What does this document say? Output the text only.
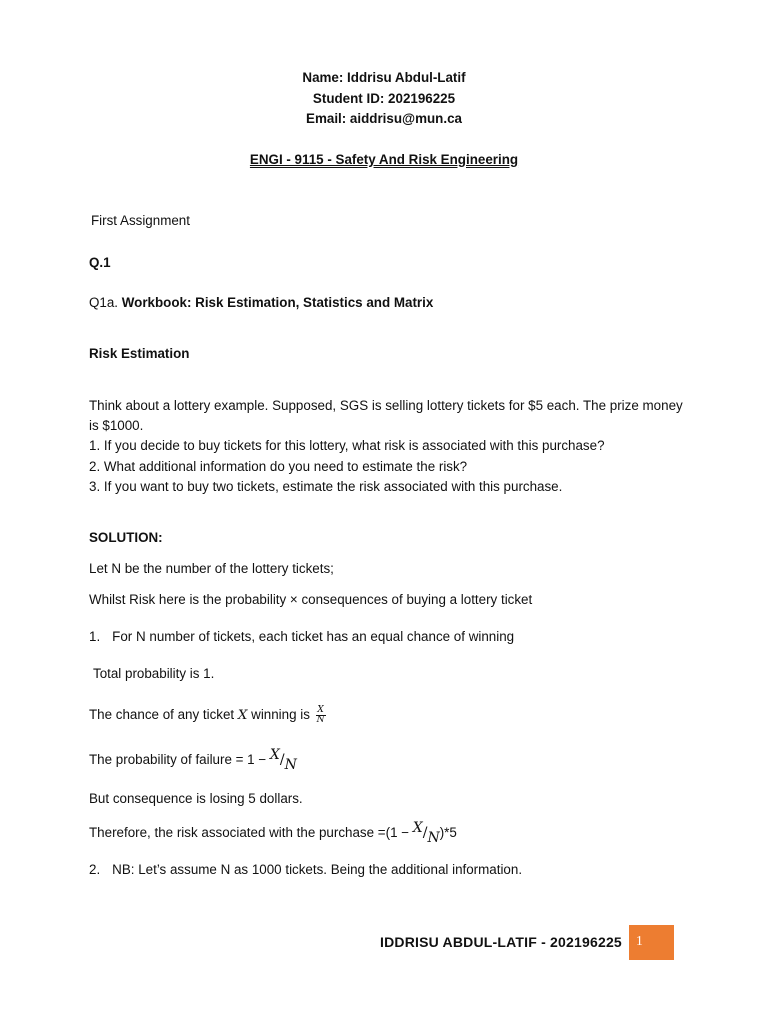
Name: Iddrisu Abdul-Latif
Student ID: 202196225
Email: aiddrisu@mun.ca
ENGI - 9115 - Safety And Risk Engineering
First Assignment
Q.1
Q1a. Workbook: Risk Estimation, Statistics and Matrix
Risk Estimation
Think about a lottery example. Supposed, SGS is selling lottery tickets for $5 each. The prize money
is $1000.
1. If you decide to buy tickets for this lottery, what risk is associated with this purchase?
2. What additional information do you need to estimate the risk?
3. If you want to buy two tickets, estimate the risk associated with this purchase.
SOLUTION:
Let N be the number of the lottery tickets;
Whilst Risk here is the probability × consequences of buying a lottery ticket
1. For N number of tickets, each ticket has an equal chance of winning
Total probability is 1.
The chance of any ticket X winning is $\frac{X}{N}$
The probability of failure = 1 − X/N
But consequence is losing 5 dollars.
Therefore, the risk associated with the purchase =(1 − X/N)*5
2. NB: Let’s assume N as 1000 tickets. Being the additional information.
IDDRISU ABDUL-LATIF - 202196225	1
